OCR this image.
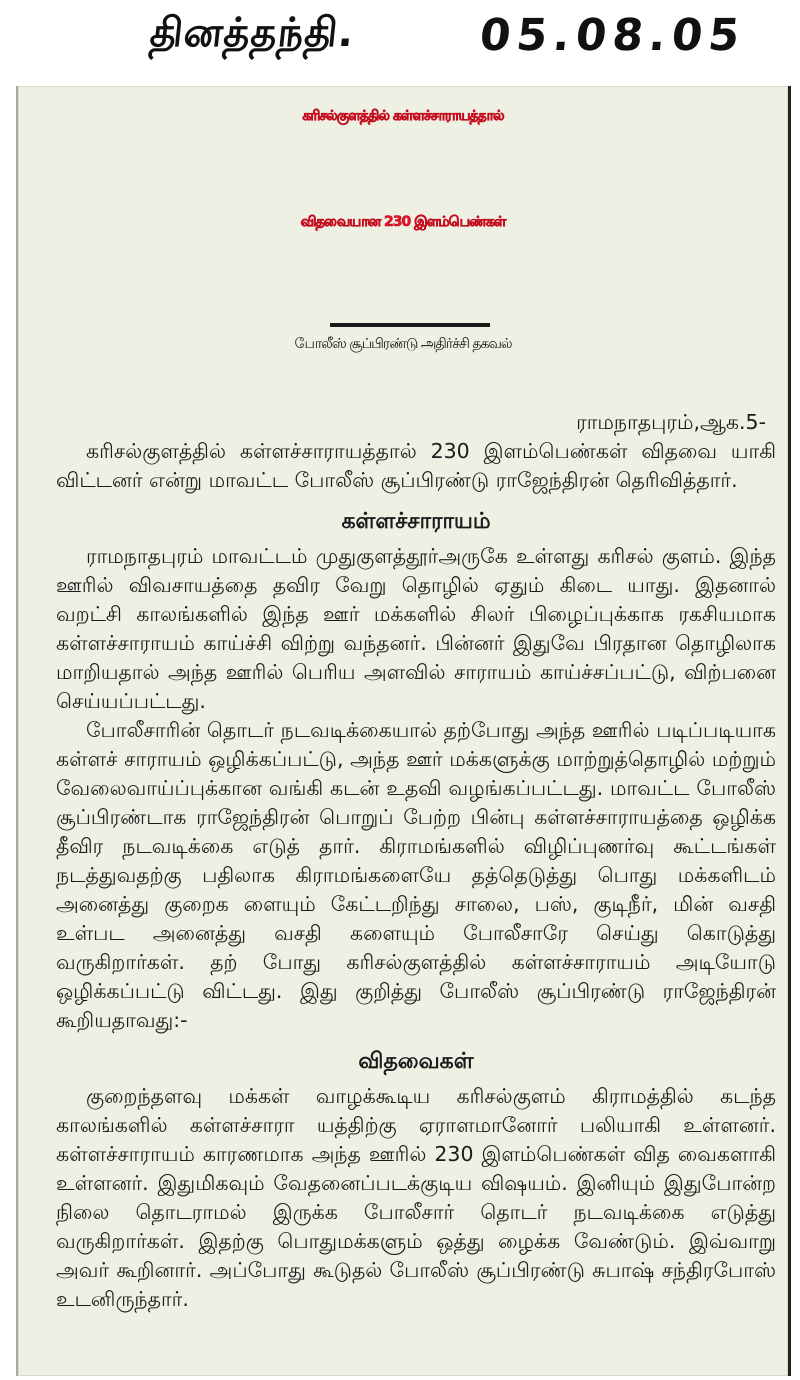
தினத்தந்தி.	05.08.05
கரிசல்குளத்தில் கள்ளச்சாராயத்தால்
விதவையான 230 இளம்பெண்கள்
போலீஸ் சூப்பிரண்டு அதிர்ச்சி தகவல்

ராமநாதபுரம்,ஆக.5-

கரிசல்குளத்தில் கள்ளச்சாராயத்தால் 230 இளம்பெண்கள் விதவை யாகி விட்டனர் என்று மாவட்ட போலீஸ் சூப்பிரண்டு ராஜேந்திரன் தெரிவித்தார்.

கள்ளச்சாராயம்

ராமநாதபுரம் மாவட்டம் முதுகுளத்தூர்அருகே உள்ளது கரிசல் குளம். இந்த ஊரில் விவசாயத்தை தவிர வேறு தொழில் ஏதும் கிடை யாது. இதனால் வறட்சி காலங்களில் இந்த ஊர் மக்களில் சிலர் பிழைப்புக்காக ரகசியமாக கள்ளச்சாராயம் காய்ச்சி விற்று வந்தனர். பின்னர் இதுவே பிரதான தொழிலாக மாறியதால் அந்த ஊரில் பெரிய அளவில் சாராயம் காய்ச்சப்பட்டு, விற்பனை செய்யப்பட்டது.

போலீசாரின் தொடர் நடவடிக்கையால் தற்போது அந்த ஊரில் படிப்படியாக கள்ளச் சாராயம் ஒழிக்கப்பட்டு, அந்த ஊர் மக்களுக்கு மாற்றுத்தொழில் மற்றும் வேலைவாய்ப்புக்கான வங்கி கடன் உதவி வழங்கப்பட்டது. மாவட்ட போலீஸ் சூப்பிரண்டாக ராஜேந்திரன் பொறுப் பேற்ற பின்பு கள்ளச்சாராயத்தை ஒழிக்க தீவிர நடவடிக்கை எடுத் தார். கிராமங்களில் விழிப்புணர்வு கூட்டங்கள் நடத்துவதற்கு பதிலாக கிராமங்களையே தத்தெடுத்து பொது மக்களிடம் அனைத்து குறைக ளையும் கேட்டறிந்து சாலை, பஸ், குடிநீர், மின் வசதி உள்பட அனைத்து வசதி களையும் போலீசாரே செய்து கொடுத்து வருகிறார்கள். தற் போது கரிசல்குளத்தில் கள்ளச்சாராயம் அடியோடு ஒழிக்கப்பட்டு விட்டது. இது குறித்து போலீஸ் சூப்பிரண்டு ராஜேந்திரன் கூறியதாவது:-

விதவைகள்

குறைந்தளவு மக்கள் வாழக்கூடிய கரிசல்குளம் கிராமத்தில் கடந்த காலங்களில் கள்ளச்சாரா யத்திற்கு ஏராளமானோர் பலியாகி உள்ளனர். கள்ளச்சாராயம் காரணமாக அந்த ஊரில் 230 இளம்பெண்கள் வித வைகளாகி உள்ளனர். இதுமிகவும் வேதனைப்படக்குடிய விஷயம். இனியும் இதுபோன்ற நிலை தொடராமல் இருக்க போலீசார் தொடர் நடவடிக்கை எடுத்து வருகிறார்கள். இதற்கு பொதுமக்களும் ஒத்து ழைக்க வேண்டும். இவ்வாறு அவர் கூறினார். அப்போது கூடுதல் போலீஸ் சூப்பிரண்டு சுபாஷ் சந்திரபோஸ் உடனிருந்தார்.
